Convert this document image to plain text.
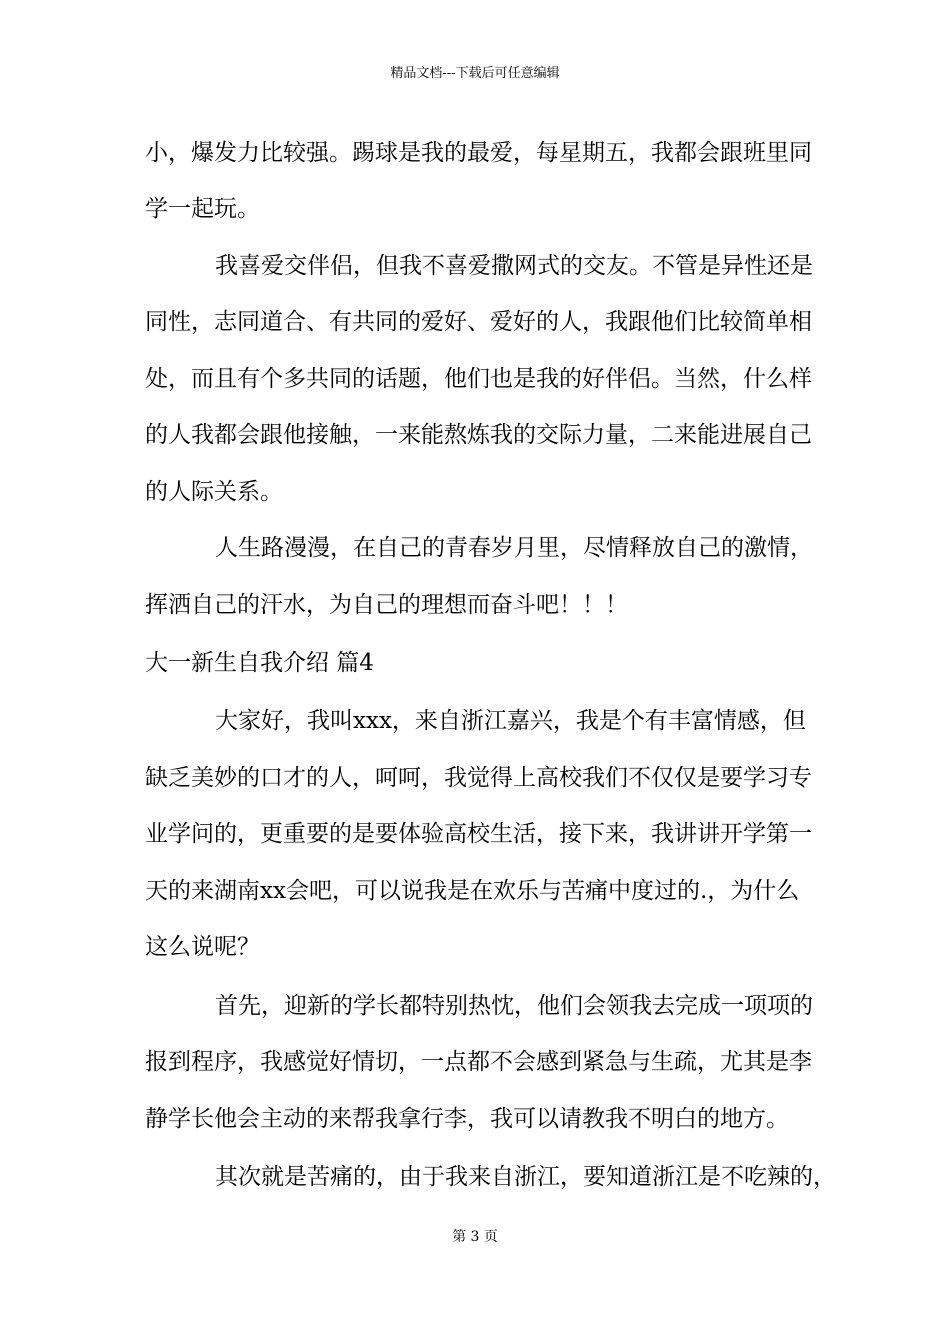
精品文档---下载后可任意编辑
小，爆发力比较强。踢球是我的最爱，每星期五，我都会跟班里同
学一起玩。
我喜爱交伴侣，但我不喜爱撒网式的交友。不管是异性还是
同性，志同道合、有共同的爱好、爱好的人，我跟他们比较简单相
处，而且有个多共同的话题，他们也是我的好伴侣。当然，什么样
的人我都会跟他接触，一来能熬炼我的交际力量，二来能进展自己
的人际关系。
人生路漫漫，在自己的青春岁月里，尽情释放自己的激情，
挥洒自己的汗水，为自己的理想而奋斗吧！！！
大一新生自我介绍 篇4
大家好，我叫xxx，来自浙江嘉兴，我是个有丰富情感，但
缺乏美妙的口才的人，呵呵，我觉得上高校我们不仅仅是要学习专
业学问的，更重要的是要体验高校生活，接下来，我讲讲开学第一
天的来湖南xx会吧，可以说我是在欢乐与苦痛中度过的.，为什么
这么说呢？
首先，迎新的学长都特别热忱，他们会领我去完成一项项的
报到程序，我感觉好情切，一点都不会感到紧急与生疏，尤其是李
静学长他会主动的来帮我拿行李，我可以请教我不明白的地方。
其次就是苦痛的，由于我来自浙江，要知道浙江是不吃辣的，
第 3 页
